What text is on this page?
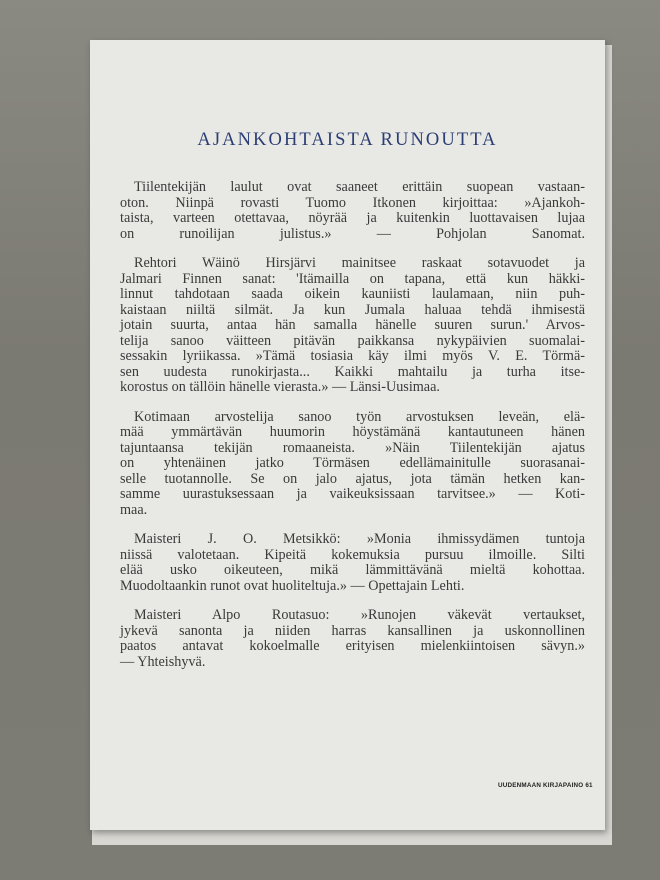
AJANKOHTAISTA RUNOUTTA
Tiilentekijän laulut ovat saaneet erittäin suopean vastaan-
oton. Niinpä rovasti Tuomo Itkonen kirjoittaa: »Ajankoh-
taista, varteen otettavaa, nöyrää ja kuitenkin luottavaisen lujaa
on runoilijan julistus.» — Pohjolan Sanomat.
Rehtori Wäinö Hirsjärvi mainitsee raskaat sotavuodet ja
Jalmari Finnen sanat: 'Itämailla on tapana, että kun häkki-
linnut tahdotaan saada oikein kauniisti laulamaan, niin puh-
kaistaan niiltä silmät. Ja kun Jumala haluaa tehdä ihmisestä
jotain suurta, antaa hän samalla hänelle suuren surun.' Arvos-
telija sanoo väitteen pitävän paikkansa nykypäivien suomalai-
sessakin lyriikassa. »Tämä tosiasia käy ilmi myös V. E. Törmä-
sen uudesta runokirjasta... Kaikki mahtailu ja turha itse-
korostus on tällöin hänelle vierasta.» — Länsi-Uusimaa.
Kotimaan arvostelija sanoo työn arvostuksen leveän, elä-
mää ymmärtävän huumorin höystämänä kantautuneen hänen
tajuntaansa tekijän romaaneista. »Näin Tiilentekijän ajatus
on yhtenäinen jatko Törmäsen edellämainitulle suorasanai-
selle tuotannolle. Se on jalo ajatus, jota tämän hetken kan-
samme uurastuksessaan ja vaikeuksissaan tarvitsee.» — Koti-
maa.
Maisteri J. O. Metsikkö: »Monia ihmissydämen tuntoja
niissä valotetaan. Kipeitä kokemuksia pursuu ilmoille. Silti
elää usko oikeuteen, mikä lämmittävänä mieltä kohottaa.
Muodoltaankin runot ovat huoliteltuja.» — Opettajain Lehti.
Maisteri Alpo Routasuo: »Runojen väkevät vertaukset,
jykevä sanonta ja niiden harras kansallinen ja uskonnollinen
paatos antavat kokoelmalle erityisen mielenkiintoisen sävyn.»
— Yhteishyvä.
UUDENMAAN KIRJAPAINO 61
